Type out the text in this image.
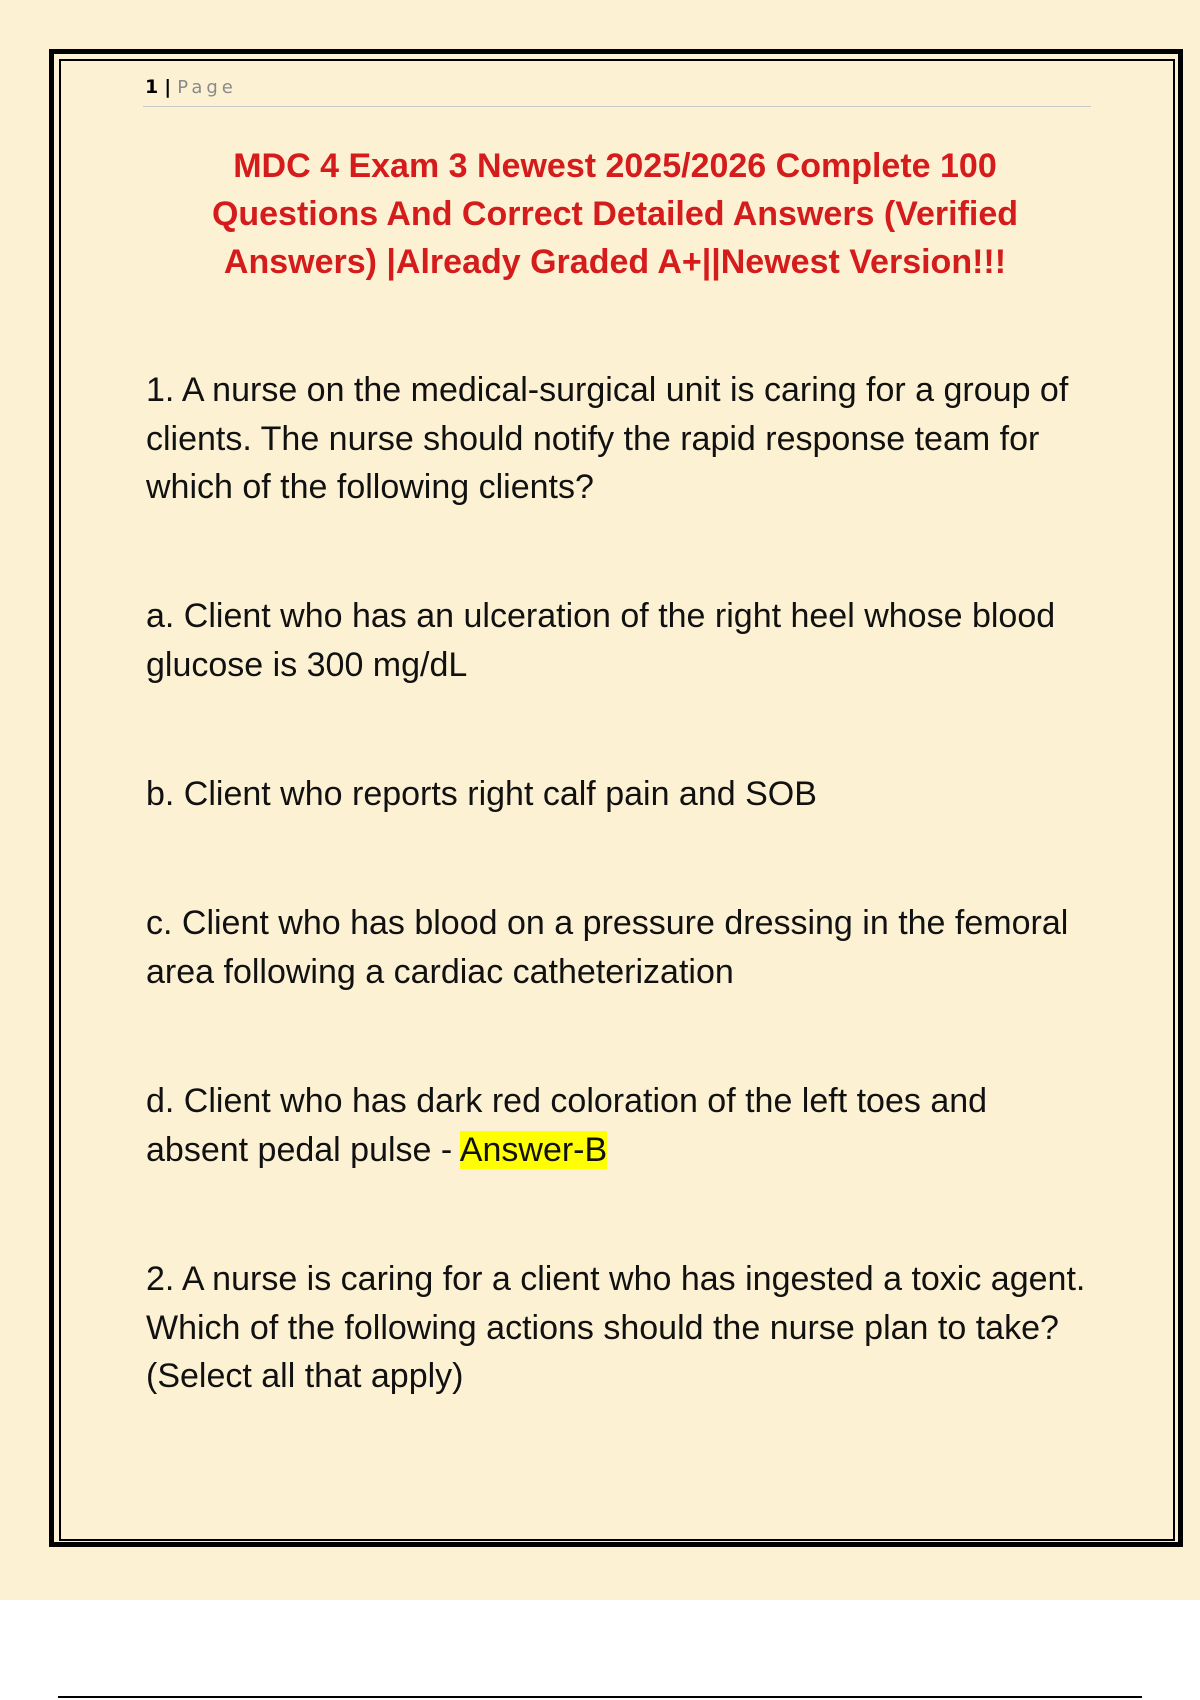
1 | Page
MDC 4 Exam 3 Newest 2025/2026 Complete 100
Questions And Correct Detailed Answers (Verified
Answers) |Already Graded A+||Newest Version!!!

1. A nurse on the medical-surgical unit is caring for a group of clients. The nurse should notify the rapid response team for which of the following clients?

a. Client who has an ulceration of the right heel whose blood glucose is 300 mg/dL

b. Client who reports right calf pain and SOB

c. Client who has blood on a pressure dressing in the femoral area following a cardiac catheterization

d. Client who has dark red coloration of the left toes and absent pedal pulse - Answer-B

2. A nurse is caring for a client who has ingested a toxic agent. Which of the following actions should the nurse plan to take? (Select all that apply)
